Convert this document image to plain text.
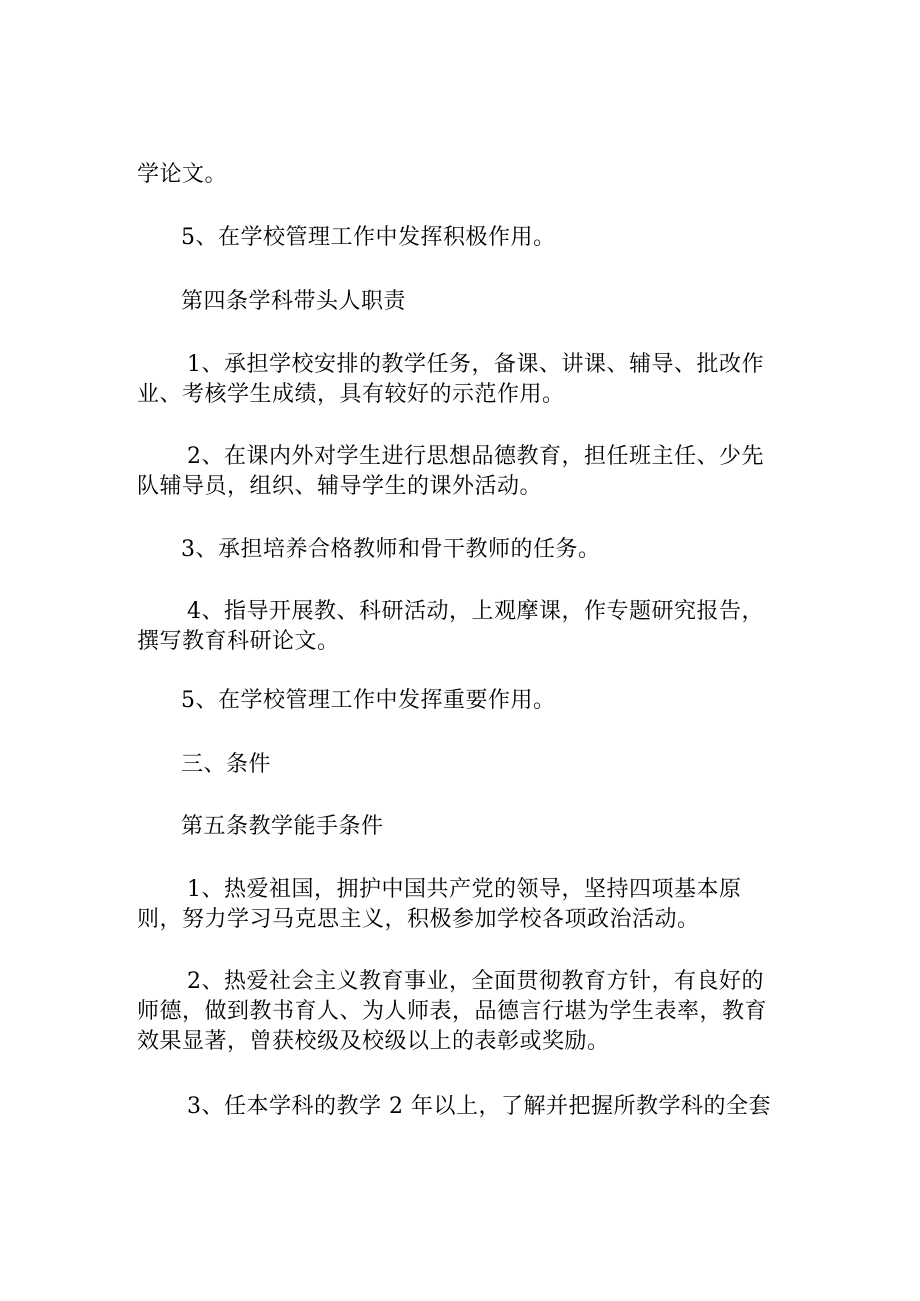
学论文。

5、在学校管理工作中发挥积极作用。

第四条学科带头人职责

1、承担学校安排的教学任务，备课、讲课、辅导、批改作
业、考核学生成绩，具有较好的示范作用。

2、在课内外对学生进行思想品德教育，担任班主任、少先
队辅导员，组织、辅导学生的课外活动。

3、承担培养合格教师和骨干教师的任务。

4、指导开展教、科研活动，上观摩课，作专题研究报告，
撰写教育科研论文。

5、在学校管理工作中发挥重要作用。

三、条件

第五条教学能手条件

1、热爱祖国，拥护中国共产党的领导，坚持四项基本原
则，努力学习马克思主义，积极参加学校各项政治活动。

2、热爱社会主义教育事业，全面贯彻教育方针，有良好的
师德，做到教书育人、为人师表，品德言行堪为学生表率，教育
效果显著，曾获校级及校级以上的表彰或奖励。

3、任本学科的教学 2 年以上，了解并把握所教学科的全套
